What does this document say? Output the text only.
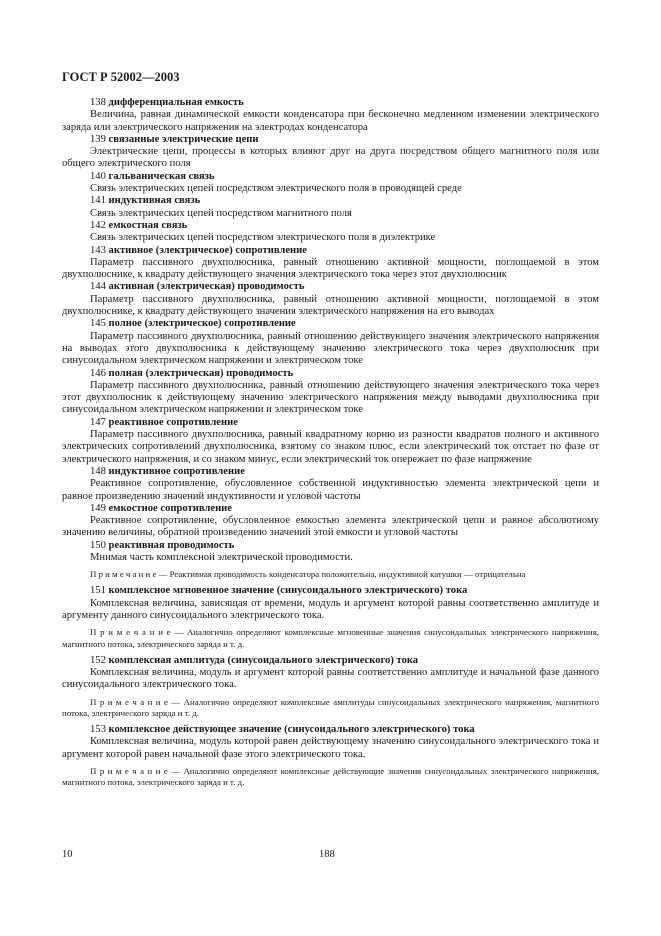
ГОСТ Р 52002—2003
138 дифференциальная емкость
Величина, равная динамической емкости конденсатора при бесконечно медленном изменении электрического заряда или электрического напряжения на электродах конденсатора
139 связанные электрические цепи
Электрические цепи, процессы в которых влияют друг на друга посредством общего магнитного поля или общего электрического поля
140 гальваническая связь
Связь электрических цепей посредством электрического поля в проводящей среде
141 индуктивная связь
Связь электрических цепей посредством магнитного поля
142 емкостная связь
Связь электрических цепей посредством электрического поля в диэлектрике
143 активное (электрическое) сопротивление
Параметр пассивного двухполюсника, равный отношению активной мощности, поглощаемой в этом двухполюснике, к квадрату действующего значения электрического тока через этот двухполюсник
144 активная (электрическая) проводимость
Параметр пассивного двухполюсника, равный отношению активной мощности, поглощаемой в этом двухполюснике, к квадрату действующего значения электрического напряжения на его выводах
145 полное (электрическое) сопротивление
Параметр пассивного двухполюсника, равный отношению действующего значения электрического напряжения на выводах этого двухполюсника к действующему значению электрического тока через двухполюсник при синусоидальном электрическом напряжении и электрическом токе
146 полная (электрическая) проводимость
Параметр пассивного двухполюсника, равный отношению действующего значения электрического тока через этот двухполюсник к действующему значению электрического напряжения между выводами двухполюсника при синусоидальном электрическом напряжении и электрическом токе
147 реактивное сопротивление
Параметр пассивного двухполюсника, равный квадратному корню из разности квадратов полного и активного электрических сопротивлений двухполюсника, взятому со знаком плюс, если электрический ток отстает по фазе от электрического напряжения, и со знаком минус, если электрический ток опережает по фазе напряжение
148 индуктивное сопротивление
Реактивное сопротивление, обусловленное собственной индуктивностью элемента электрической цепи и равное произведению значений индуктивности и угловой частоты
149 емкостное сопротивление
Реактивное сопротивление, обусловленное емкостью элемента электрической цепи и равное абсолютному значению величины, обратной произведению значений этой емкости и угловой частоты
150 реактивная проводимость
Мнимая часть комплексной электрической проводимости.
П р и м е ч а н и е — Реактивная проводимость конденсатора положительна, индуктивной катушки — отрицательна
151 комплексное мгновенное значение (синусоидального электрического) тока
Комплексная величина, зависящая от времени, модуль и аргумент которой равны соответственно амплитуде и аргументу данного синусоидального электрического тока.
П р и м е ч а н и е — Аналогично определяют комплексные мгновенные значения синусоидальных электрического напряжения, магнитного потока, электрического заряда и т. д.
152 комплексная амплитуда (синусоидального электрического) тока
Комплексная величина, модуль и аргумент которой равны соответственно амплитуде и начальной фазе данного синусоидального электрического тока.
П р и м е ч а н и е — Аналогично определяют комплексные амплитуды синусоидальных электрического напряжения, магнитного потока, электрического заряда и т. д.
153 комплексное действующее значение (синусоидального электрического) тока
Комплексная величина, модуль которой равен действующему значению синусоидального электрического тока и аргумент которой равен начальной фазе этого электрического тока.
П р и м е ч а н и е — Аналогично определяют комплексные действующие значения синусоидальных электрического напряжения, магнитного потока, электрического заряда и т. д.
10	188
